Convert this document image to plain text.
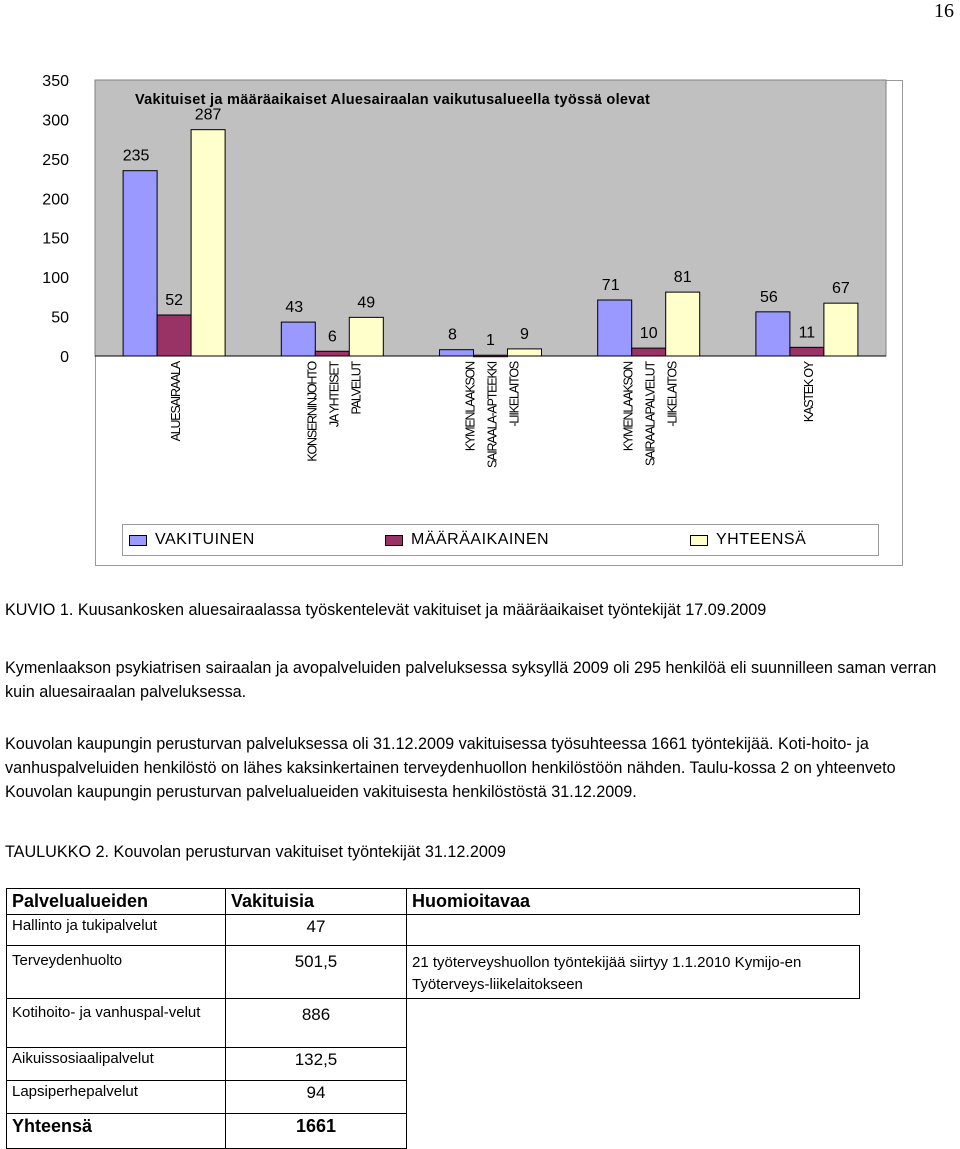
16
350
300
250
200
150
100
50
0
235
52
287
ALUESAIRAALA
43
6
49
KONSERNINJOHTO JA YHTEISET PALVELUT
8 1 9
KYMENLAAKSON SAIRAALA-APTEEKKI -LIIKELAITOS
71
10
81
KYMENLAAKSON SAIRAALAPALVELUT -LIIKELAITOS
56
11
67
KASTEK OY
Vakituiset ja määräaikaiset Aluesairaalan vaikutusalueella työssä olevat
VAKITUINEN	MÄÄRÄAIKAINEN	YHTEENSÄ
KUVIO 1. Kuusankosken aluesairaalassa työskentelevät vakituiset ja määräaikaiset työntekijät 17.09.2009
Kymenlaakson psykiatrisen sairaalan ja avopalveluiden palveluksessa syksyllä 2009 oli 295 henkilöä eli suunnilleen saman verran kuin aluesairaalan palveluksessa.
Kouvolan kaupungin perusturvan palveluksessa oli 31.12.2009 vakituisessa työsuhteessa 1661 työntekijää. Koti-hoito- ja vanhuspalveluiden henkilöstö on lähes kaksinkertainen terveydenhuollon henkilöstöön nähden. Taulu-kossa 2 on yhteenveto Kouvolan kaupungin perusturvan palvelualueiden vakituisesta henkilöstöstä 31.12.2009.
TAULUKKO 2. Kouvolan perusturvan vakituiset työntekijät 31.12.2009
Palvelualueiden	Vakituisia	Huomioitavaa
Hallinto ja tukipalvelut	47	
Terveydenhuolto	501,5	21 työterveyshuollon työntekijää siirtyy 1.1.2010 Kymijo-en Työterveys-liikelaitokseen
Kotihoito- ja vanhuspal-velut	886	
Aikuissosiaalipalvelut	132,5	
Lapsiperhepalvelut	94	
Yhteensä	1661	
